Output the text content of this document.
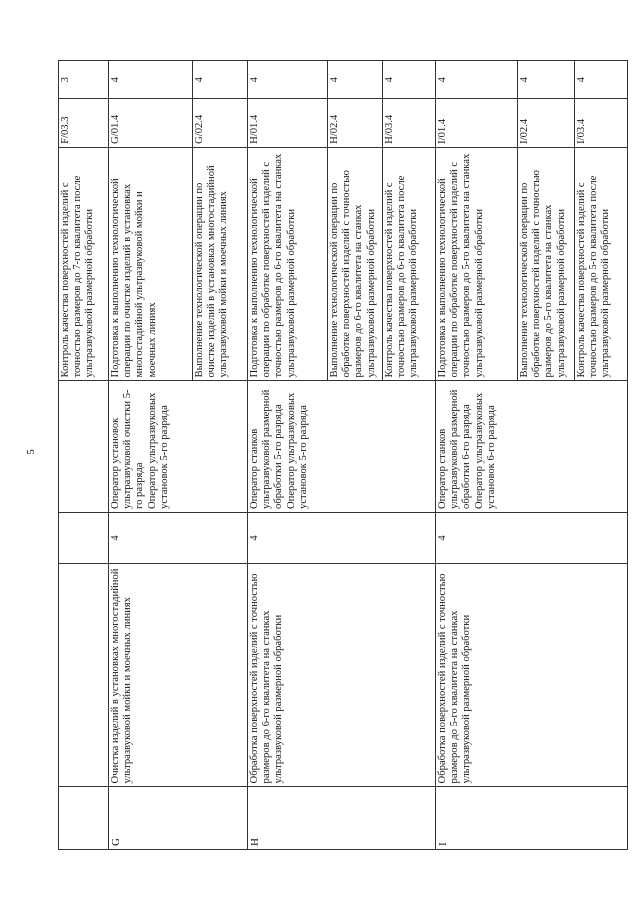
5
				Контроль качества поверхностей изделий с точностью размеров до 7-го квалитета после ультразвуковой размерной обработки	F/03.3	3
G	Очистка изделий в установках многостадийной ультразвуковой мойки и моечных линиях	4	Оператор установок ультразвуковой очистки 5-го разряда Оператор ультразвуковых установок 5-го разряда	Подготовка к выполнению технологической операции по очистке изделий в установках многостадийной ультразвуковой мойки и моечных линиях	G/01.4	4
				Выполнение технологической операции по очистке изделий в установках многостадийной ультразвуковой мойки и моечных линиях	G/02.4	4
H	Обработка поверхностей изделий с точностью размеров до 6-го квалитета на станках ультразвуковой размерной обработки	4	Оператор станков ультразвуковой размерной обработки 5-го разряда Оператор ультразвуковых установок 5-го разряда	Подготовка к выполнению технологической операции по обработке поверхностей изделий с точностью размеров до 6-го квалитета на станках ультразвуковой размерной обработки	H/01.4	4
				Выполнение технологической операции по обработке поверхностей изделий с точностью размеров до 6-го квалитета на станках ультразвуковой размерной обработки	H/02.4	4
				Контроль качества поверхностей изделий с точностью размеров до 6-го квалитета после ультразвуковой размерной обработки	H/03.4	4
I	Обработка поверхностей изделий с точностью размеров до 5-го квалитета на станках ультразвуковой размерной обработки	4	Оператор станков ультразвуковой размерной обработки 6-го разряда Оператор ультразвуковых установок 6-го разряда	Подготовка к выполнению технологической операции по обработке поверхностей изделий с точностью размеров до 5-го квалитета на станках ультразвуковой размерной обработки	I/01.4	4
				Выполнение технологической операции по обработке поверхностей изделий с точностью размеров до 5-го квалитета на станках ультразвуковой размерной обработки	I/02.4	4
				Контроль качества поверхностей изделий с точностью размеров до 5-го квалитета после ультразвуковой размерной обработки	I/03.4	4
